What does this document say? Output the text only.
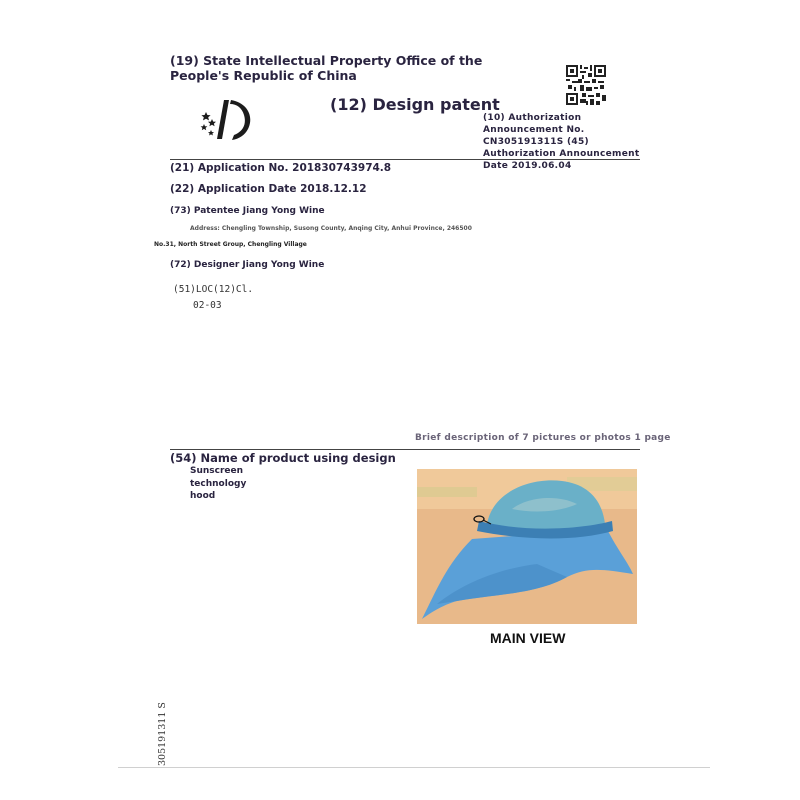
(19) State Intellectual Property Office of the People's Republic of China
(12) Design patent
(10) Authorization Announcement No. CN305191311S (45) Authorization Announcement Date 2019.06.04
(21) Application No. 201830743974.8
(22) Application Date 2018.12.12
(73) Patentee Jiang Yong Wine
Address: Chengling Township, Susong County, Anqing City, Anhui Province, 246500
No.31, North Street Group, Chengling Village
(72) Designer Jiang Yong Wine
(51)LOC(12)Cl.
02-03
Brief description of 7 pictures or photos 1 page
(54) Name of product using design
Sunscreen technology hood
MAIN VIEW
305191311 S
